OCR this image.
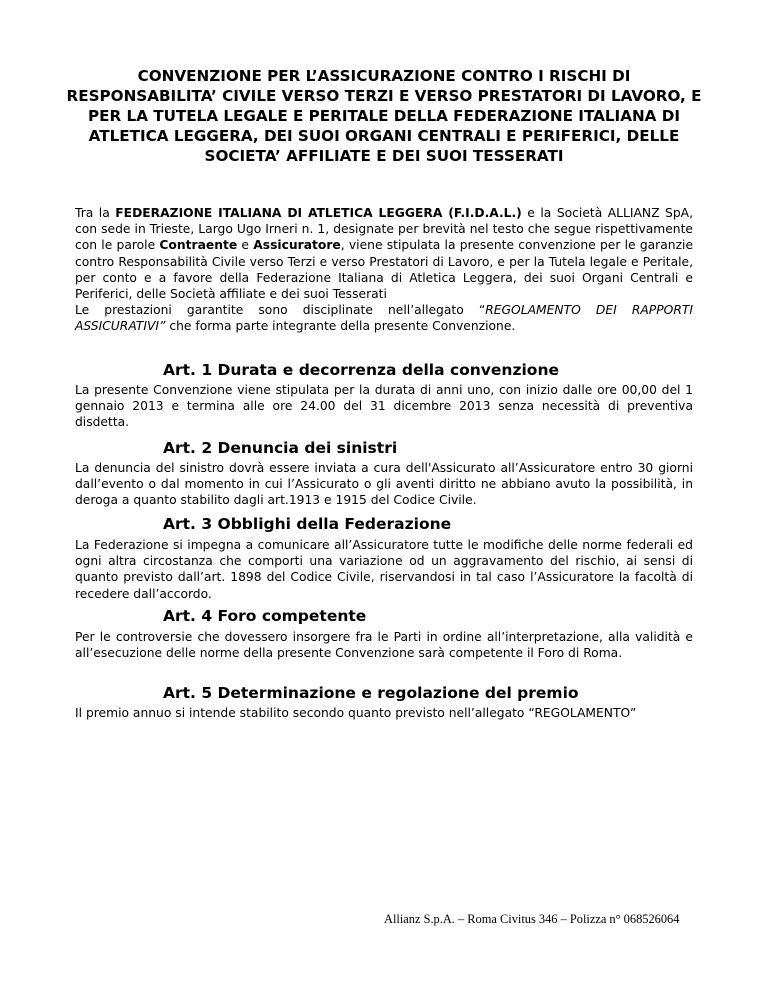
CONVENZIONE PER L’ASSICURAZIONE CONTRO I RISCHI DI RESPONSABILITA’ CIVILE VERSO TERZI E VERSO PRESTATORI DI LAVORO, E PER LA TUTELA LEGALE E PERITALE DELLA FEDERAZIONE ITALIANA DI ATLETICA LEGGERA, DEI SUOI ORGANI CENTRALI E PERIFERICI, DELLE SOCIETA’ AFFILIATE E DEI SUOI TESSERATI

Tra la FEDERAZIONE ITALIANA DI ATLETICA LEGGERA (F.I.D.A.L.) e la Società ALLIANZ SpA, con sede in Trieste, Largo Ugo Irneri n. 1, designate per brevità nel testo che segue rispettivamente con le parole Contraente e Assicuratore, viene stipulata la presente convenzione per le garanzie contro Responsabilità Civile verso Terzi e verso Prestatori di Lavoro, e per la Tutela legale e Peritale, per conto e a favore della Federazione Italiana di Atletica Leggera, dei suoi Organi Centrali e Periferici, delle Società affiliate e dei suoi Tesserati
Le prestazioni garantite sono disciplinate nell’allegato “REGOLAMENTO DEI RAPPORTI ASSICURATIVI” che forma parte integrante della presente Convenzione.

Art. 1 Durata e decorrenza della convenzione

La presente Convenzione viene stipulata per la durata di anni uno, con inizio dalle ore 00,00 del 1 gennaio 2013 e termina alle ore 24.00 del 31 dicembre 2013 senza necessità di preventiva disdetta.

Art. 2 Denuncia dei sinistri

La denuncia del sinistro dovrà essere inviata a cura dell'Assicurato all’Assicuratore entro 30 giorni dall’evento o dal momento in cui l’Assicurato o gli aventi diritto ne abbiano avuto la possibilità, in deroga a quanto stabilito dagli art.1913 e 1915 del Codice Civile.

Art. 3 Obblighi della Federazione

La Federazione si impegna a comunicare all’Assicuratore tutte le modifiche delle norme federali ed ogni altra circostanza che comporti una variazione od un aggravamento del rischio, ai sensi di quanto previsto dall’art. 1898 del Codice Civile, riservandosi in tal caso l’Assicuratore la facoltà di recedere dall’accordo.

Art. 4 Foro competente

Per le controversie che dovessero insorgere fra le Parti in ordine all’interpretazione, alla validità e all’esecuzione delle norme della presente Convenzione sarà competente il Foro di Roma.

Art. 5 Determinazione e regolazione del premio

Il premio annuo si intende stabilito secondo quanto previsto nell’allegato “REGOLAMENTO”

Allianz S.p.A. – Roma Civitus 346 – Polizza n° 068526064
